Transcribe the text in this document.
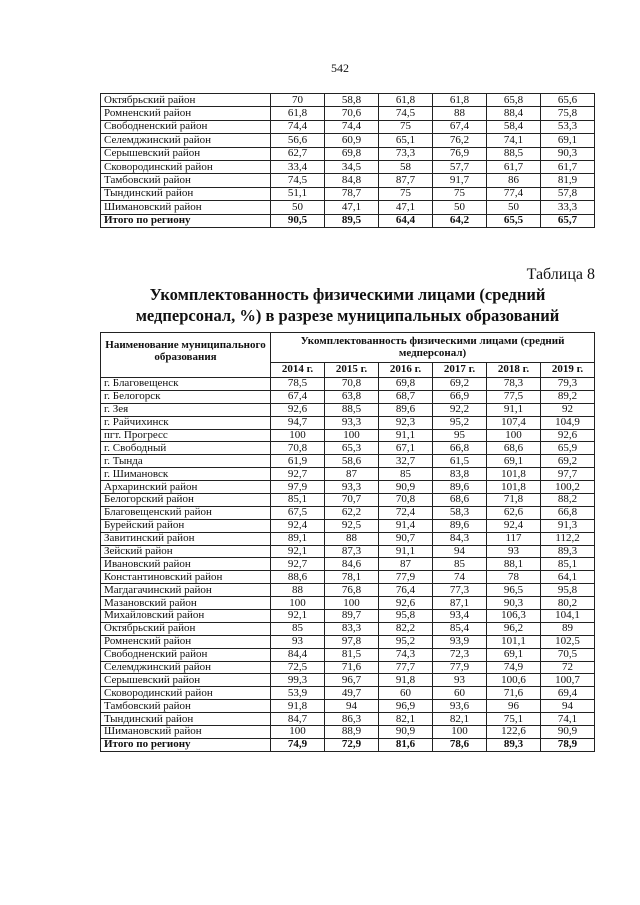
542
Октябрьский район	70	58,8	61,8	61,8	65,8	65,6
Ромненский район	61,8	70,6	74,5	88	88,4	75,8
Свободненский район	74,4	74,4	75	67,4	58,4	53,3
Селемджинский район	56,6	60,9	65,1	76,2	74,1	69,1
Серышевский район	62,7	69,8	73,3	76,9	88,5	90,3
Сковородинский район	33,4	34,5	58	57,7	61,7	61,7
Тамбовский район	74,5	84,8	87,7	91,7	86	81,9
Тындинский район	51,1	78,7	75	75	77,4	57,8
Шимановский район	50	47,1	47,1	50	50	33,3
Итого по региону	90,5	89,5	64,4	64,2	65,5	65,7
Таблица 8
Укомплектованность физическими лицами (средний медперсонал, %) в разрезе муниципальных образований
Наименование муниципального образования	Укомплектованность физическими лицами (средний медперсонал)					
	2014 г.	2015 г.	2016 г.	2017 г.	2018 г.	2019 г.
г. Благовещенск	78,5	70,8	69,8	69,2	78,3	79,3
г. Белогорск	67,4	63,8	68,7	66,9	77,5	89,2
г. Зея	92,6	88,5	89,6	92,2	91,1	92
г. Райчихинск	94,7	93,3	92,3	95,2	107,4	104,9
пгт. Прогресс	100	100	91,1	95	100	92,6
г. Свободный	70,8	65,3	67,1	66,8	68,6	65,9
г. Тында	61,9	58,6	32,7	61,5	69,1	69,2
г. Шимановск	92,7	87	85	83,8	101,8	97,7
Архаринский район	97,9	93,3	90,9	89,6	101,8	100,2
Белогорский район	85,1	70,7	70,8	68,6	71,8	88,2
Благовещенский район	67,5	62,2	72,4	58,3	62,6	66,8
Бурейский район	92,4	92,5	91,4	89,6	92,4	91,3
Завитинский район	89,1	88	90,7	84,3	117	112,2
Зейский район	92,1	87,3	91,1	94	93	89,3
Ивановский район	92,7	84,6	87	85	88,1	85,1
Константиновский район	88,6	78,1	77,9	74	78	64,1
Магдагачинский район	88	76,8	76,4	77,3	96,5	95,8
Мазановский район	100	100	92,6	87,1	90,3	80,2
Михайловский район	92,1	89,7	95,8	93,4	106,3	104,1
Октябрьский район	85	83,3	82,2	85,4	96,2	89
Ромненский район	93	97,8	95,2	93,9	101,1	102,5
Свободненский район	84,4	81,5	74,3	72,3	69,1	70,5
Селемджинский район	72,5	71,6	77,7	77,9	74,9	72
Серышевский район	99,3	96,7	91,8	93	100,6	100,7
Сковородинский район	53,9	49,7	60	60	71,6	69,4
Тамбовский район	91,8	94	96,9	93,6	96	94
Тындинский район	84,7	86,3	82,1	82,1	75,1	74,1
Шимановский район	100	88,9	90,9	100	122,6	90,9
Итого по региону	74,9	72,9	81,6	78,6	89,3	78,9
